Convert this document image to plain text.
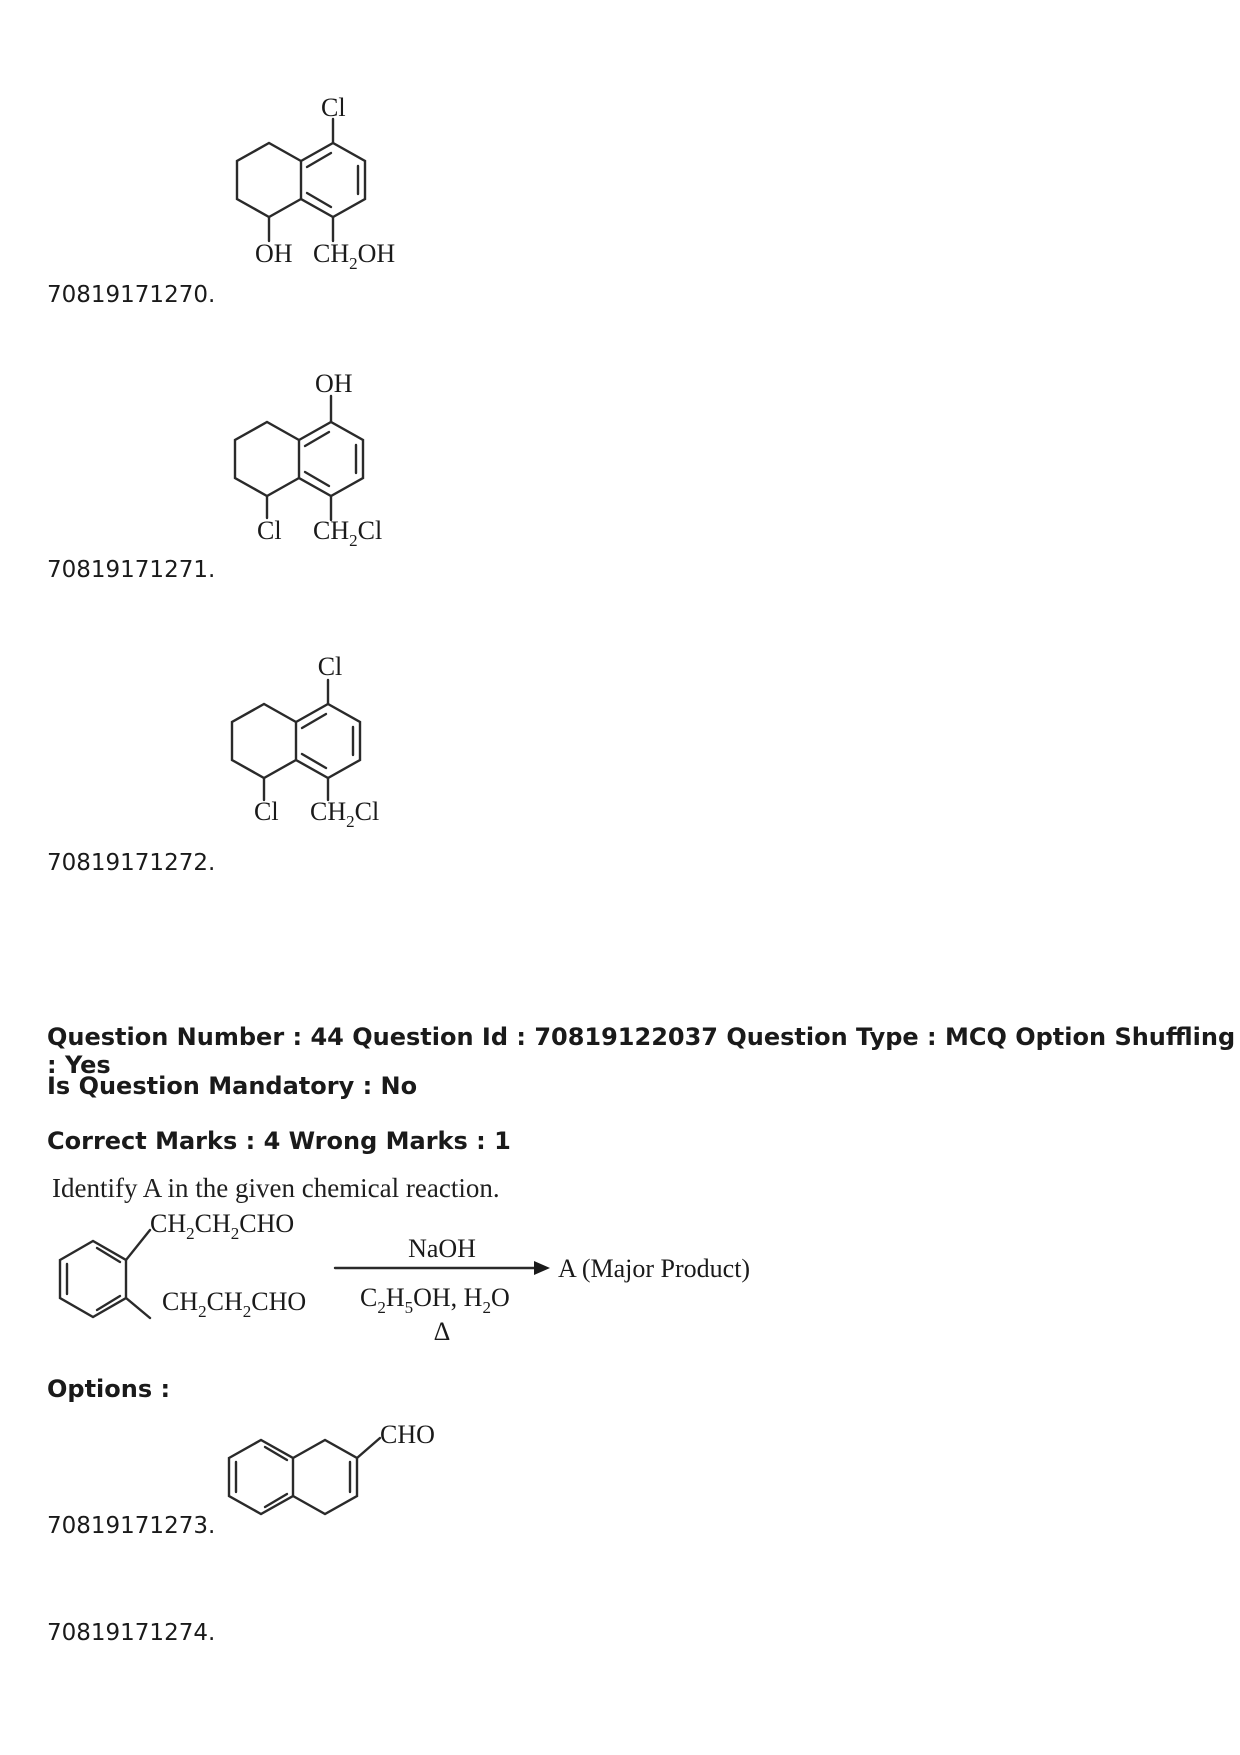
Cl
OH $CH_2OH$
70819171270.
OH
Cl $CH_2Cl$
70819171271.
Cl
Cl $CH_2Cl$
70819171272.
Question Number : 44 Question Id : 70819122037 Question Type : MCQ Option Shuffling : Yes
Is Question Mandatory : No
Correct Marks : 4 Wrong Marks : 1
Identify A in the given chemical reaction.
$CH_2CH_2CHO$
$CH_2CH_2CHO$
NaOH
$C_2H_5OH$, $H_2O$
Δ
A (Major Product)
Options :
CHO
70819171273.
70819171274.
